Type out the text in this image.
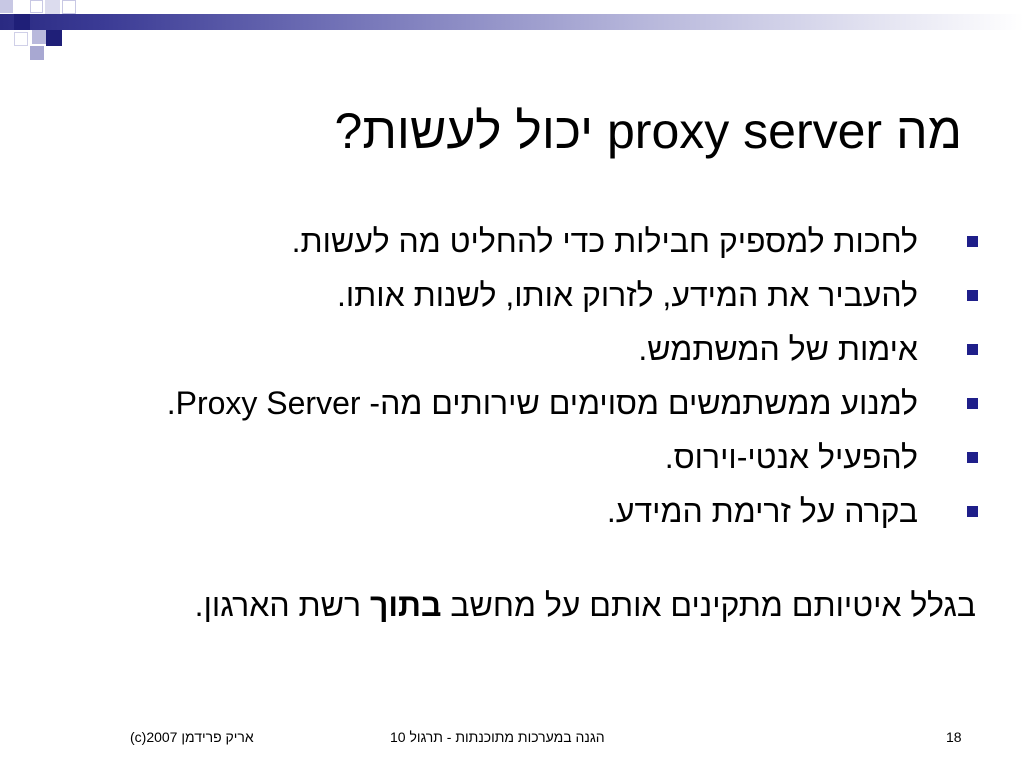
מה proxy server יכול לעשות?
לחכות למספיק חבילות כדי להחליט מה לעשות.
להעביר את המידע, לזרוק אותו, לשנות אותו.
אימות של המשתמש.
למנוע ממשתמשים מסוימים שירותים מה- Proxy Server.
להפעיל אנטי-וירוס.
בקרה על זרימת המידע.

בגלל איטיותם מתקינים אותם על מחשב בתוך רשת הארגון.

(c)אריק פרידמן 2007	הגנה במערכות מתוכנתות - תרגול 10	18
